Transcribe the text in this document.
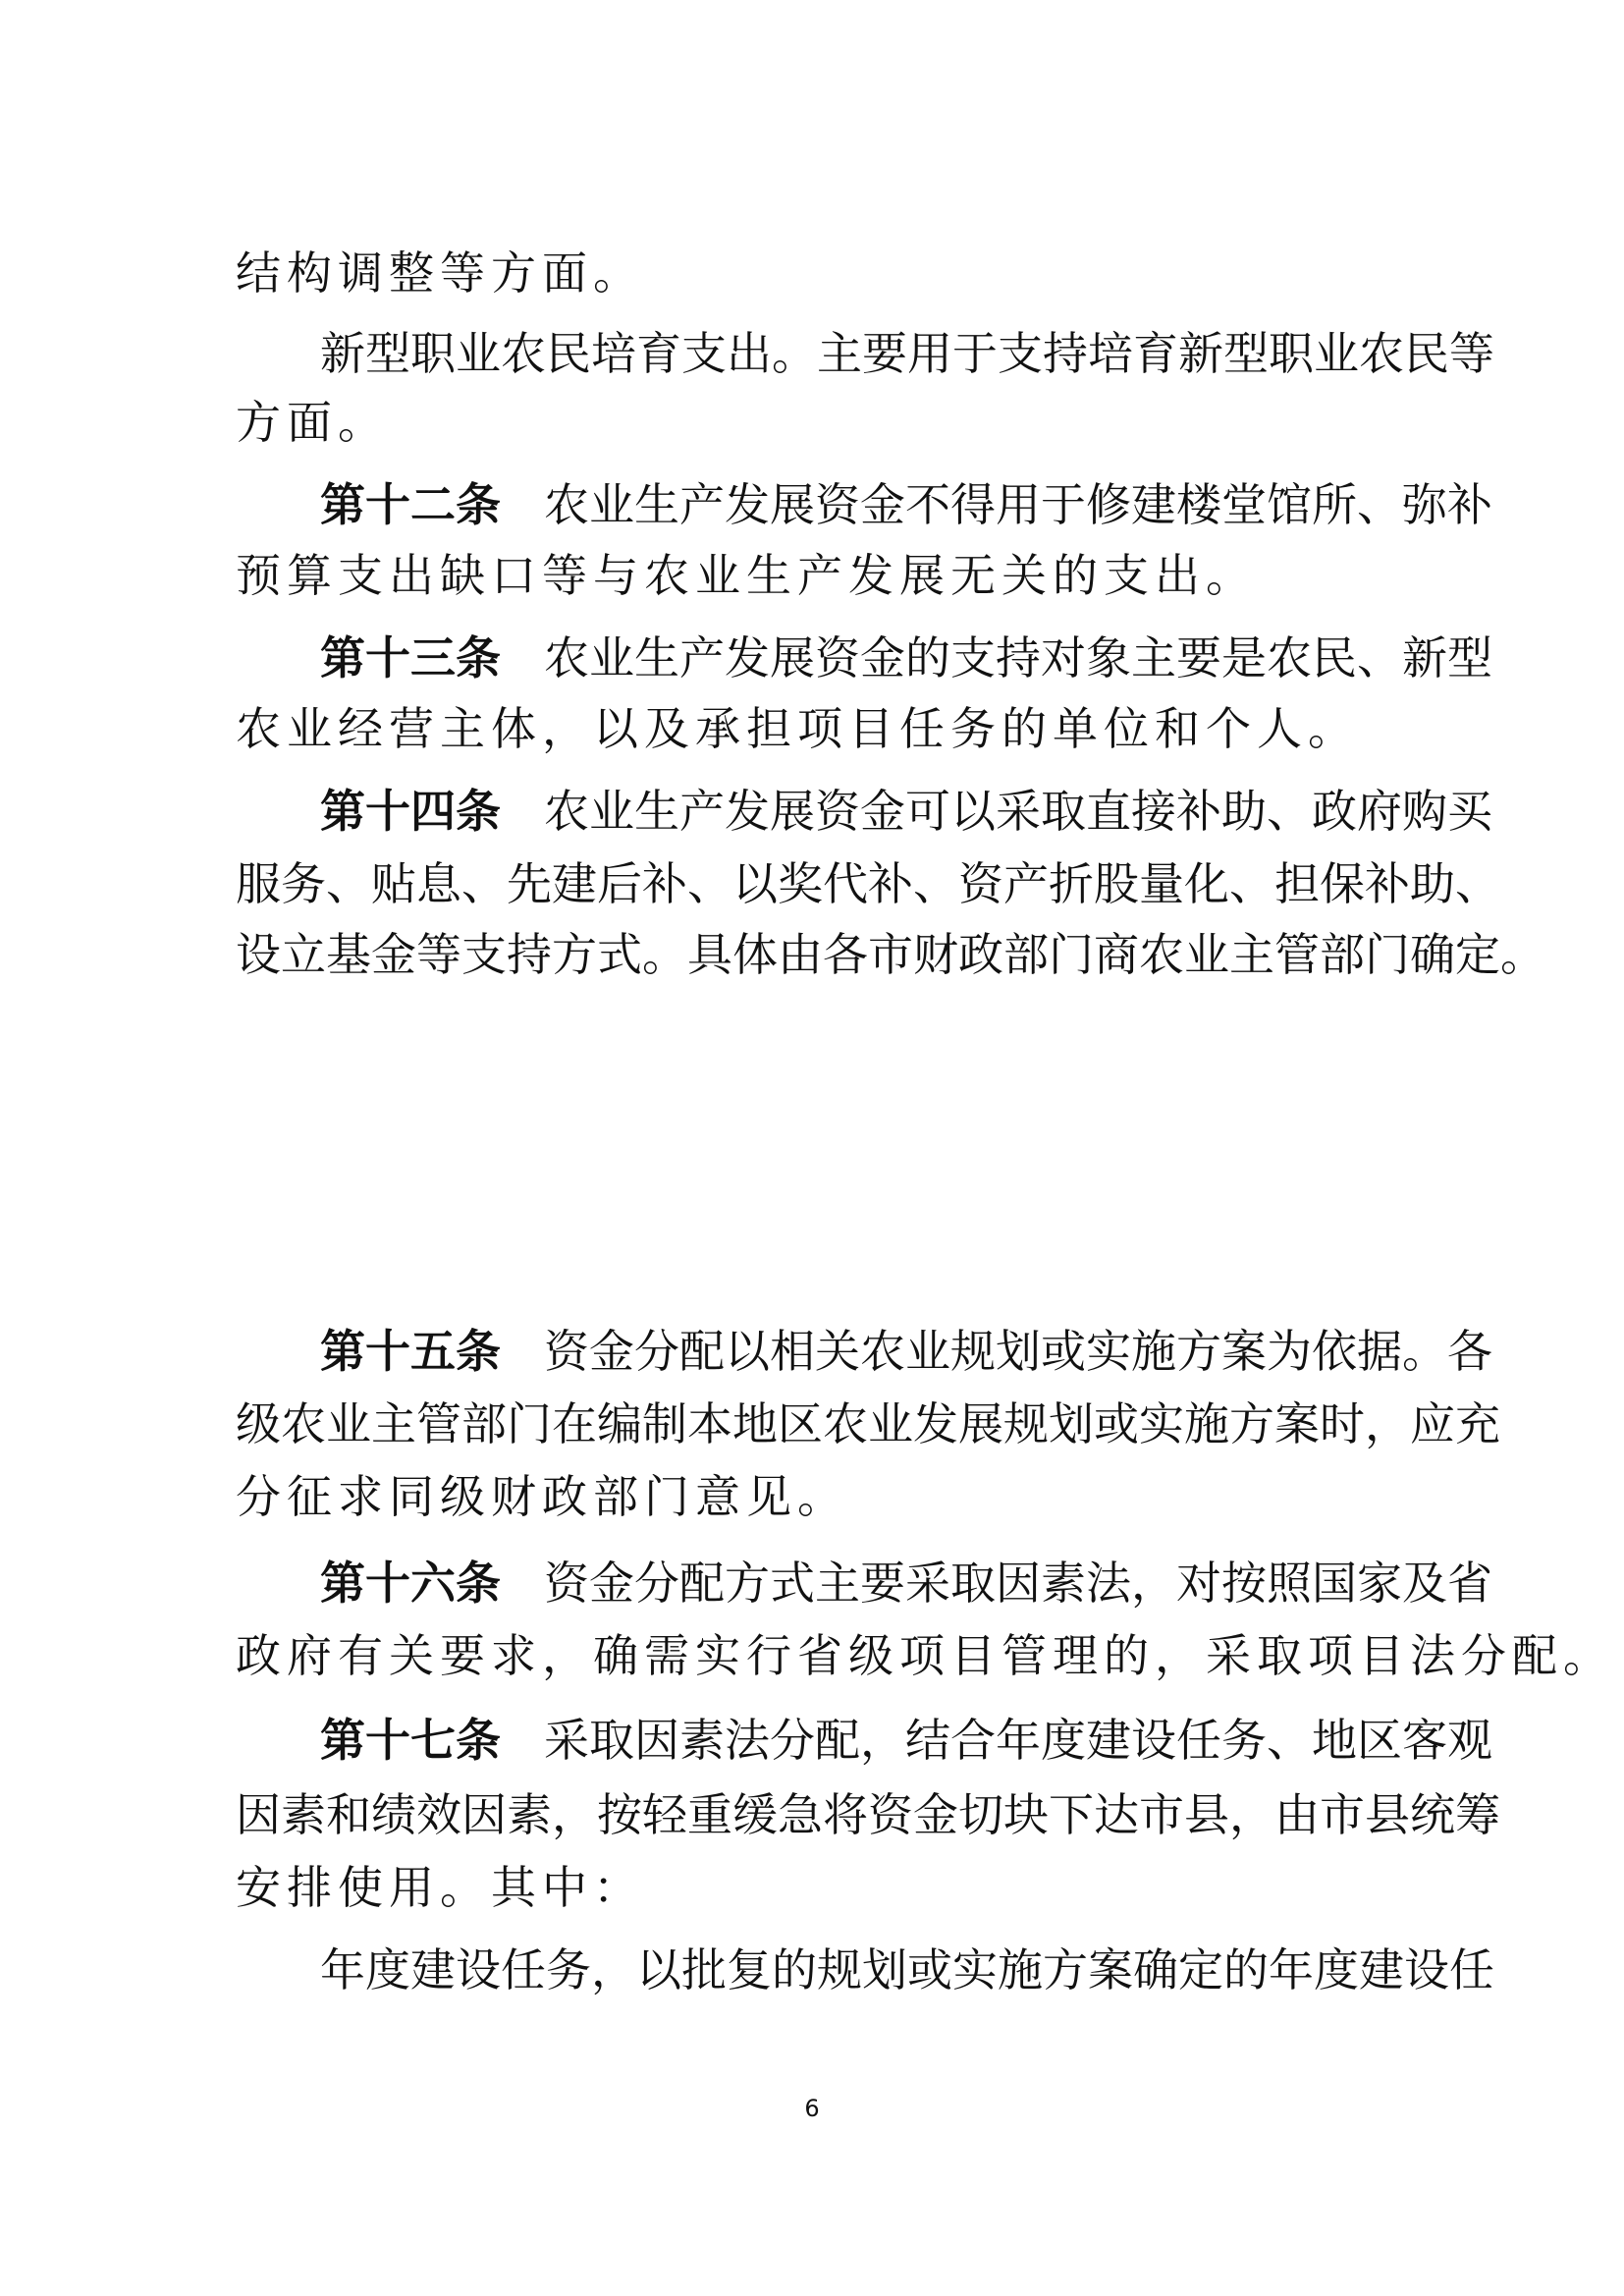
结构调整等方面。
新型职业农民培育支出。主要用于支持培育新型职业农民等
方面。
第十二条 农业生产发展资金不得用于修建楼堂馆所、弥补
预算支出缺口等与农业生产发展无关的支出。
第十三条 农业生产发展资金的支持对象主要是农民、新型
农业经营主体，以及承担项目任务的单位和个人。
第十四条 农业生产发展资金可以采取直接补助、政府购买
服务、贴息、先建后补、以奖代补、资产折股量化、担保补助、
设立基金等支持方式。具体由各市财政部门商农业主管部门确定。
第十五条 资金分配以相关农业规划或实施方案为依据。各
级农业主管部门在编制本地区农业发展规划或实施方案时，应充
分征求同级财政部门意见。
第十六条 资金分配方式主要采取因素法，对按照国家及省
政府有关要求，确需实行省级项目管理的，采取项目法分配。
第十七条 采取因素法分配，结合年度建设任务、地区客观
因素和绩效因素，按轻重缓急将资金切块下达市县，由市县统筹
安排使用。其中：
年度建设任务，以批复的规划或实施方案确定的年度建设任
6
